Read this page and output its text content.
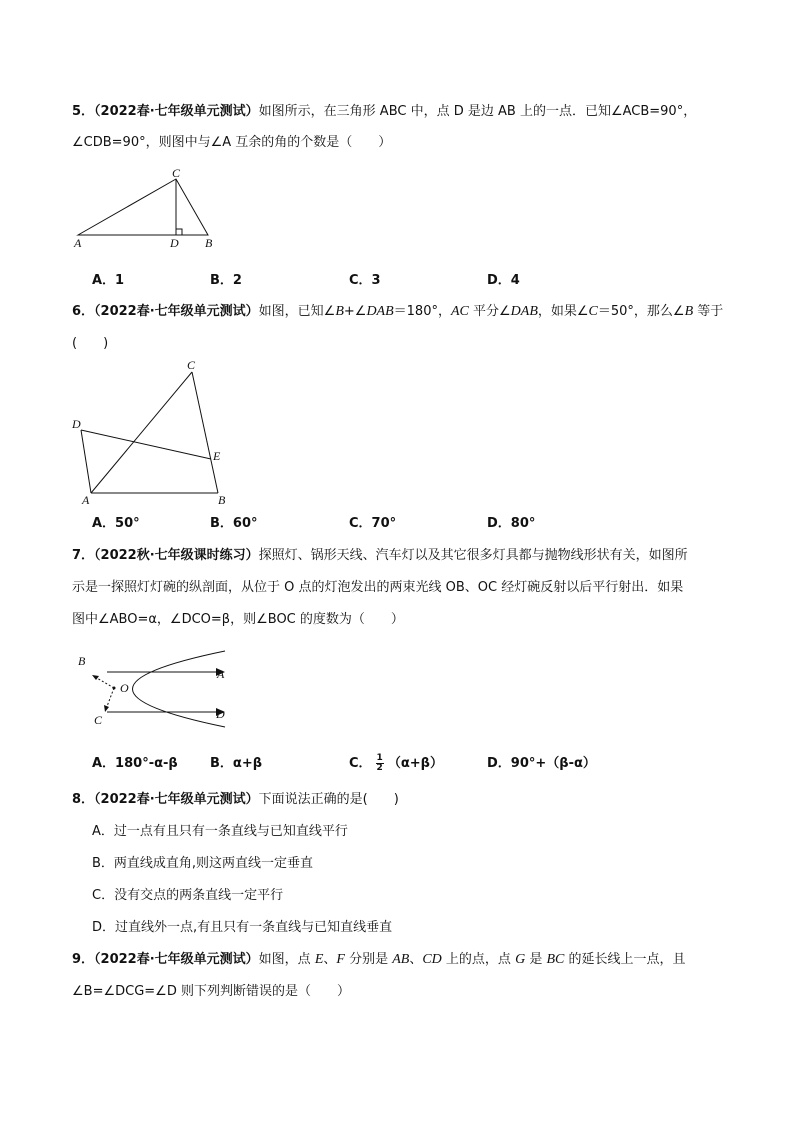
5．（2022春·七年级单元测试）如图所示，在三角形 ABC 中，点 D 是边 AB 上的一点．已知∠ACB=90°，
∠CDB=90°，则图中与∠A 互余的角的个数是（　　）
C
A	D B
A．1	B．2	C．3	D．4
6．（2022春·七年级单元测试）如图，已知∠B+∠DAB＝180°，AC 平分∠DAB，如果∠C＝50°，那么∠B 等于
(　　)
C
D
E
A	B
A．50°	B．60°	C．70°	D．80°
7．（2022秋·七年级课时练习）探照灯、锅形天线、汽车灯以及其它很多灯具都与抛物线形状有关，如图所
示是一探照灯灯碗的纵剖面，从位于 O 点的灯泡发出的两束光线 OB、OC 经灯碗反射以后平行射出．如果
图中∠ABO=α，∠DCO=β，则∠BOC 的度数为（　　）
B
A
O
C	D
A．180°-α-β B．α+β	C． $\frac{1}{2} (\alpha+\beta)$	D．90°+（β-α）
8．（2022春·七年级单元测试）下面说法正确的是(　　)
A．过一点有且只有一条直线与已知直线平行
B．两直线成直角,则这两直线一定垂直
C．没有交点的两条直线一定平行
D．过直线外一点,有且只有一条直线与已知直线垂直
9．（2022春·七年级单元测试）如图，点 E、F 分别是 AB、CD 上的点，点 G 是 BC 的延长线上一点，且
∠B=∠DCG=∠D 则下列判断错误的是（　　）
